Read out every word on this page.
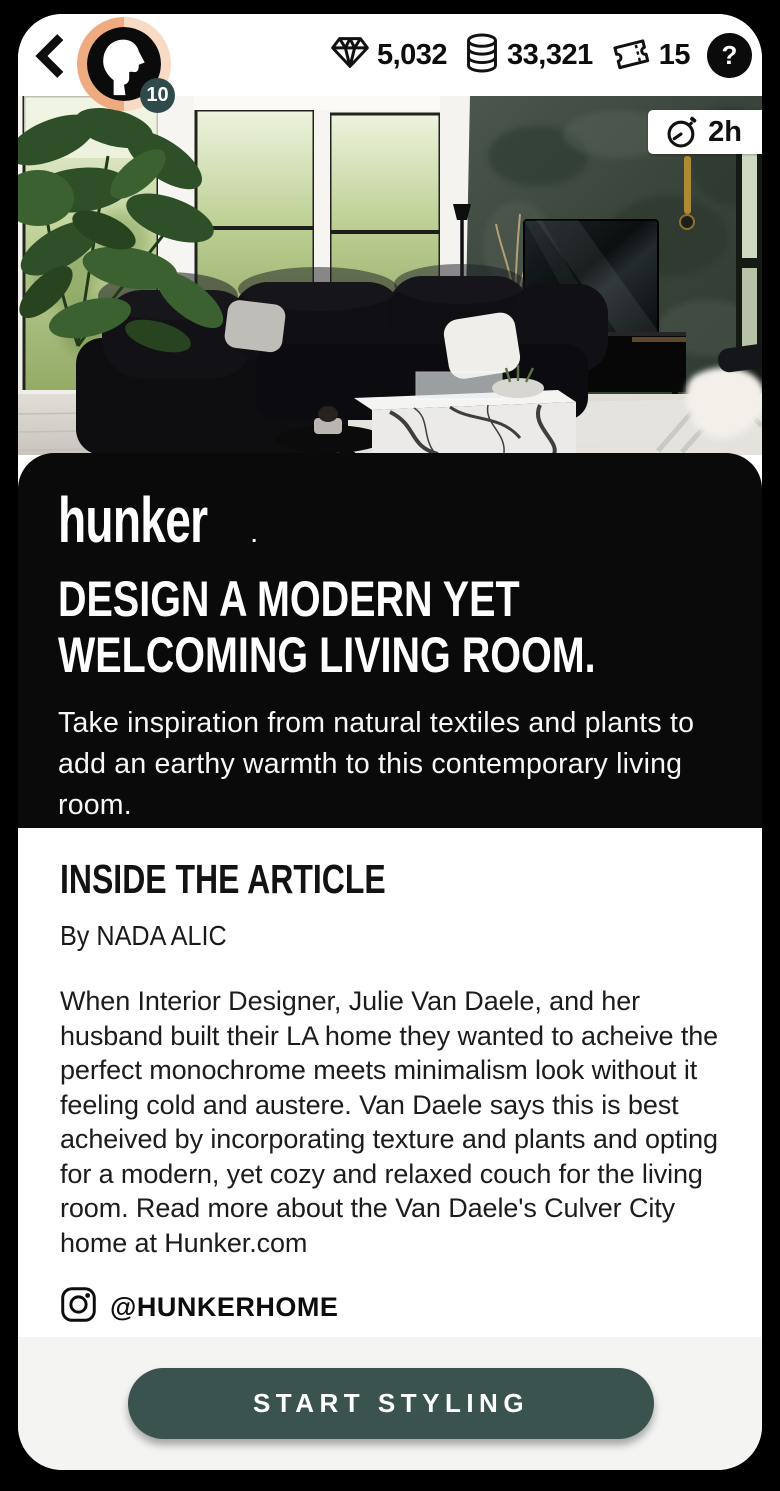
5,032 33,321 15 ?
10
2h
hunker .
DESIGN A MODERN YET WELCOMING LIVING ROOM.

Take inspiration from natural textiles and plants to add an earthy warmth to this contemporary living room.

INSIDE THE ARTICLE
By NADA ALIC

When Interior Designer, Julie Van Daele, and her husband built their LA home they wanted to acheive the perfect monochrome meets minimalism look without it feeling cold and austere. Van Daele says this is best acheived by incorporating texture and plants and opting for a modern, yet cozy and relaxed couch for the living room. Read more about the Van Daele's Culver City home at Hunker.com

@HUNKERHOME
START STYLING
